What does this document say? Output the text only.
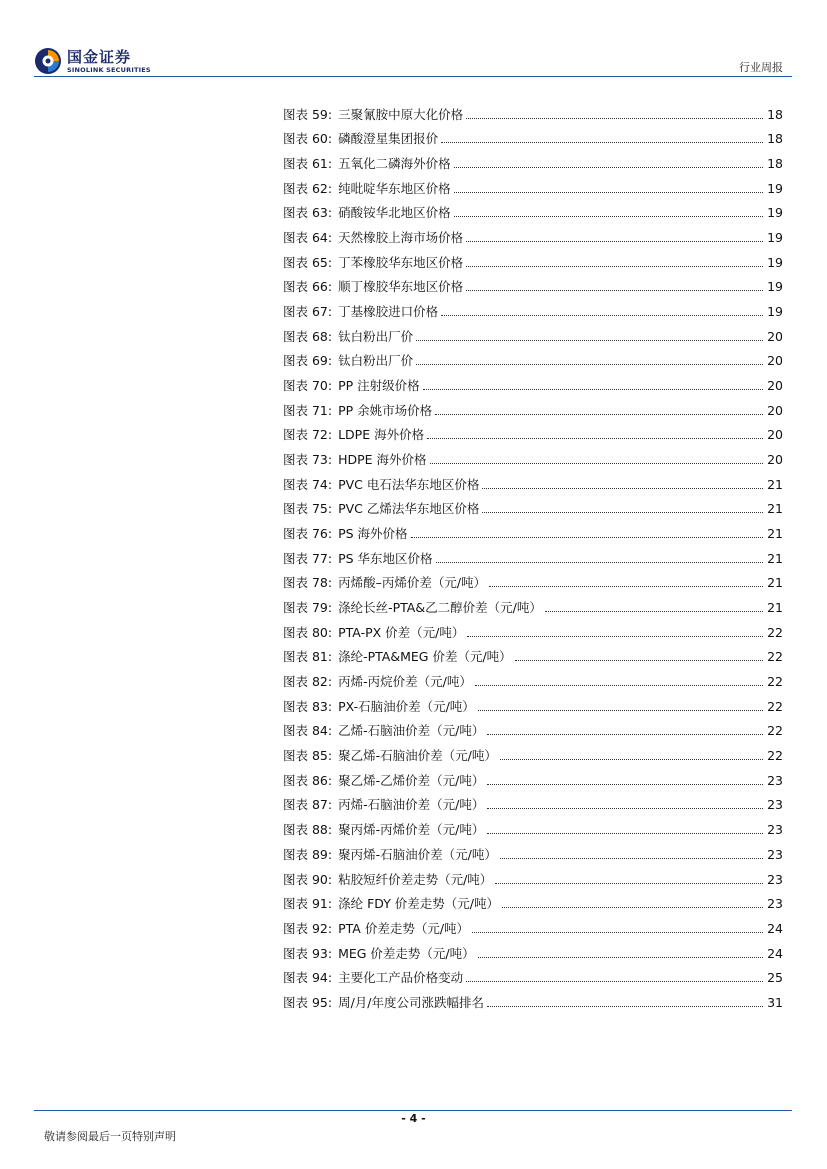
国金证券
SINOLINK SECURITIES	行业周报
图表 59: 三聚氰胺中原大化价格	18
图表 60: 磷酸澄星集团报价	18
图表 61: 五氧化二磷海外价格	18
图表 62: 纯吡啶华东地区价格	19
图表 63: 硝酸铵华北地区价格	19
图表 64: 天然橡胶上海市场价格	19
图表 65: 丁苯橡胶华东地区价格	19
图表 66: 顺丁橡胶华东地区价格	19
图表 67: 丁基橡胶进口价格	19
图表 68: 钛白粉出厂价	20
图表 69: 钛白粉出厂价	20
图表 70: PP 注射级价格	20
图表 71: PP 余姚市场价格	20
图表 72: LDPE 海外价格	20
图表 73: HDPE 海外价格	20
图表 74: PVC 电石法华东地区价格	21
图表 75: PVC 乙烯法华东地区价格	21
图表 76: PS 海外价格	21
图表 77: PS 华东地区价格	21
图表 78: 丙烯酸–丙烯价差（元/吨）	21
图表 79: 涤纶长丝-PTA&乙二醇价差（元/吨）	21
图表 80: PTA-PX 价差（元/吨）	22
图表 81: 涤纶-PTA&MEG 价差（元/吨）	22
图表 82: 丙烯-丙烷价差（元/吨）	22
图表 83: PX-石脑油价差（元/吨）	22
图表 84: 乙烯-石脑油价差（元/吨）	22
图表 85: 聚乙烯-石脑油价差（元/吨）	22
图表 86: 聚乙烯-乙烯价差（元/吨）	23
图表 87: 丙烯-石脑油价差（元/吨）	23
图表 88: 聚丙烯-丙烯价差（元/吨）	23
图表 89: 聚丙烯-石脑油价差（元/吨）	23
图表 90: 粘胶短纤价差走势（元/吨）	23
图表 91: 涤纶 FDY 价差走势（元/吨）	23
图表 92: PTA 价差走势（元/吨）	24
图表 93: MEG 价差走势（元/吨）	24
图表 94: 主要化工产品价格变动	25
图表 95: 周/月/年度公司涨跌幅排名	31
- 4 -
敬请参阅最后一页特别声明
